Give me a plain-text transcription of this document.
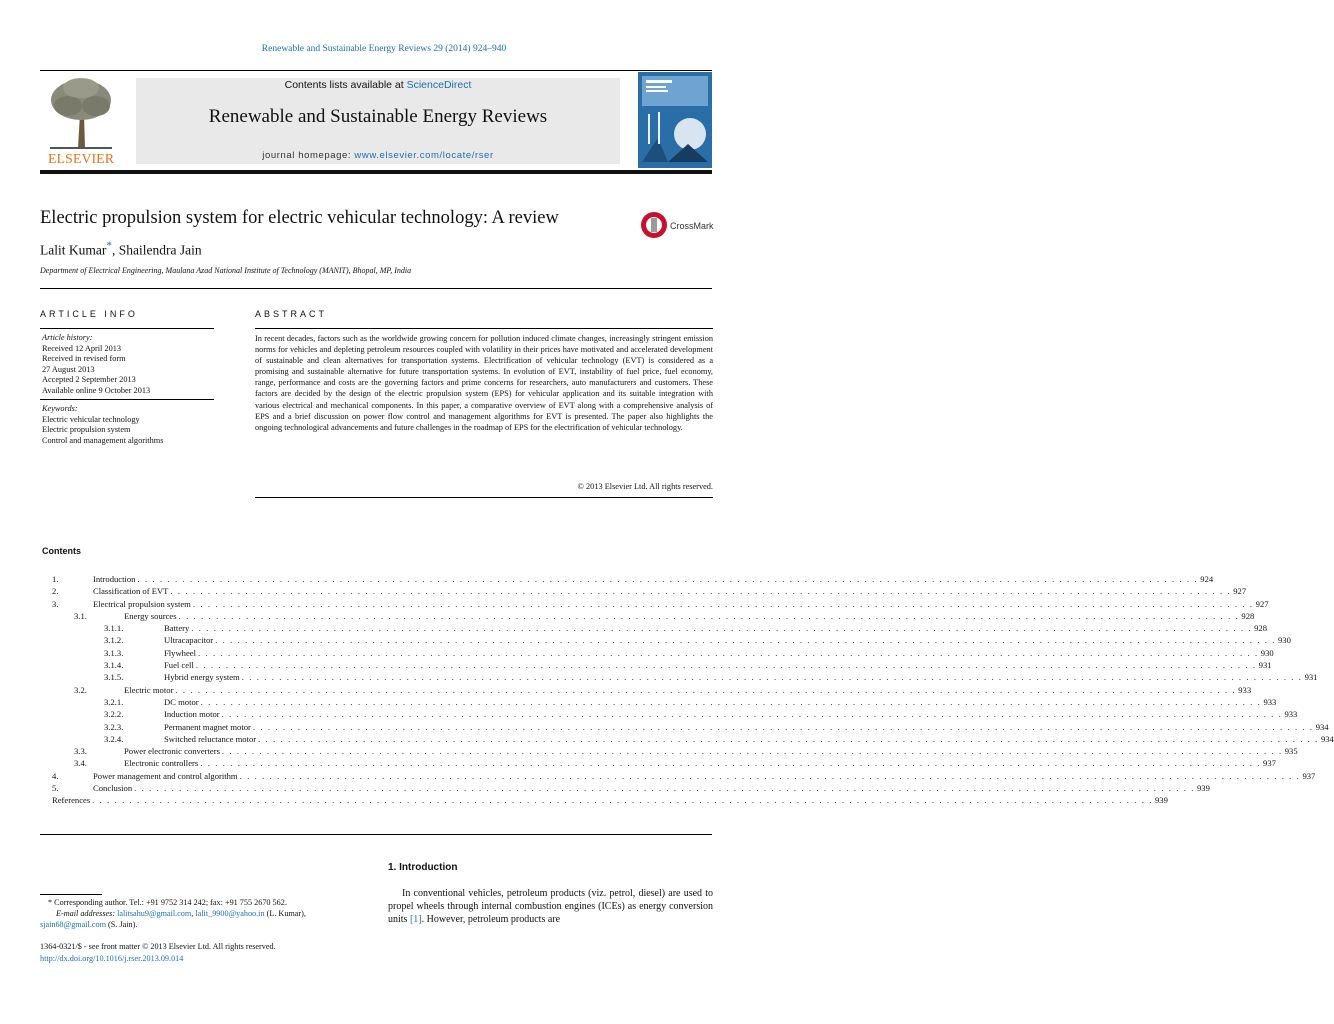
Renewable and Sustainable Energy Reviews 29 (2014) 924–940
ELSEVIER
Contents lists available at ScienceDirect
Renewable and Sustainable Energy Reviews
journal homepage: www.elsevier.com/locate/rser
Electric propulsion system for electric vehicular technology: A review	CrossMark
Lalit Kumar*, Shailendra Jain
Department of Electrical Engineering, Maulana Azad National Institute of Technology (MANIT), Bhopal, MP, India
ARTICLE INFO
Article history:
Received 12 April 2013
Received in revised form
27 August 2013
Accepted 2 September 2013
Available online 9 October 2013
Keywords:
Electric vehicular technology
Electric propulsion system
Control and management algorithms
ABSTRACT
In recent decades, factors such as the worldwide growing concern for pollution induced climate changes, increasingly stringent emission norms for vehicles and depleting petroleum resources coupled with volatility in their prices have motivated and accelerated development of sustainable and clean alternatives for transportation systems. Electrification of vehicular technology (EVT) is considered as a promising and sustainable alternative for future transportation systems. In evolution of EVT, instability of fuel price, fuel economy, range, performance and costs are the governing factors and prime concerns for researchers, auto manufacturers and customers. These factors are decided by the design of the electric propulsion system (EPS) for vehicular application and its suitable integration with various electrical and mechanical components. In this paper, a comparative overview of EVT along with a comprehensive analysis of EPS and a brief discussion on power flow control and management algorithms for EVT is presented. The paper also highlights the ongoing technological advancements and future challenges in the roadmap of EPS for the electrification of vehicular technology.
© 2013 Elsevier Ltd. All rights reserved.
Contents
1.	Introduction . . . . . . . . . . . . . . . . . . . . . . . . . . . . . . . . . . . . . . . . . . . . . . . . . . . . . . . . . . . . . . . . . . . . . . . . . . . . . . . . . . . . . . . . . . . . . . . . . . . . . . . . . . . . . . . . . . . . . . . . . . . . . . . . . . . . . . . . . . . . . . 924
2.	Classification of EVT . . . . . . . . . . . . . . . . . . . . . . . . . . . . . . . . . . . . . . . . . . . . . . . . . . . . . . . . . . . . . . . . . . . . . . . . . . . . . . . . . . . . . . . . . . . . . . . . . . . . . . . . . . . . . . . . . . . . . . . . . . . . . . . . . . . . . . . . . . . . . . 927
3.	Electrical propulsion system . . . . . . . . . . . . . . . . . . . . . . . . . . . . . . . . . . . . . . . . . . . . . . . . . . . . . . . . . . . . . . . . . . . . . . . . . . . . . . . . . . . . . . . . . . . . . . . . . . . . . . . . . . . . . . . . . . . . . . . . . . . . . . . . . . . . . . . . . . . . . . 927
3.1.	Energy sources . . . . . . . . . . . . . . . . . . . . . . . . . . . . . . . . . . . . . . . . . . . . . . . . . . . . . . . . . . . . . . . . . . . . . . . . . . . . . . . . . . . . . . . . . . . . . . . . . . . . . . . . . . . . . . . . . . . . . . . . . . . . . . . . . . . . . . . . . . . . . . 928
3.1.1.	Battery . . . . . . . . . . . . . . . . . . . . . . . . . . . . . . . . . . . . . . . . . . . . . . . . . . . . . . . . . . . . . . . . . . . . . . . . . . . . . . . . . . . . . . . . . . . . . . . . . . . . . . . . . . . . . . . . . . . . . . . . . . . . . . . . . . . . . . . . . . . . . . 928
3.1.2.	Ultracapacitor . . . . . . . . . . . . . . . . . . . . . . . . . . . . . . . . . . . . . . . . . . . . . . . . . . . . . . . . . . . . . . . . . . . . . . . . . . . . . . . . . . . . . . . . . . . . . . . . . . . . . . . . . . . . . . . . . . . . . . . . . . . . . . . . . . . . . . . . . . . . . . 930
3.1.3.	Flywheel . . . . . . . . . . . . . . . . . . . . . . . . . . . . . . . . . . . . . . . . . . . . . . . . . . . . . . . . . . . . . . . . . . . . . . . . . . . . . . . . . . . . . . . . . . . . . . . . . . . . . . . . . . . . . . . . . . . . . . . . . . . . . . . . . . . . . . . . . . . . . . 930
3.1.4.	Fuel cell . . . . . . . . . . . . . . . . . . . . . . . . . . . . . . . . . . . . . . . . . . . . . . . . . . . . . . . . . . . . . . . . . . . . . . . . . . . . . . . . . . . . . . . . . . . . . . . . . . . . . . . . . . . . . . . . . . . . . . . . . . . . . . . . . . . . . . . . . . . . . . 931
3.1.5.	Hybrid energy system . . . . . . . . . . . . . . . . . . . . . . . . . . . . . . . . . . . . . . . . . . . . . . . . . . . . . . . . . . . . . . . . . . . . . . . . . . . . . . . . . . . . . . . . . . . . . . . . . . . . . . . . . . . . . . . . . . . . . . . . . . . . . . . . . . . . . . . . . . . . . . 931
3.2.	Electric motor . . . . . . . . . . . . . . . . . . . . . . . . . . . . . . . . . . . . . . . . . . . . . . . . . . . . . . . . . . . . . . . . . . . . . . . . . . . . . . . . . . . . . . . . . . . . . . . . . . . . . . . . . . . . . . . . . . . . . . . . . . . . . . . . . . . . . . . . . . . . . . 933
3.2.1.	DC motor . . . . . . . . . . . . . . . . . . . . . . . . . . . . . . . . . . . . . . . . . . . . . . . . . . . . . . . . . . . . . . . . . . . . . . . . . . . . . . . . . . . . . . . . . . . . . . . . . . . . . . . . . . . . . . . . . . . . . . . . . . . . . . . . . . . . . . . . . . . . . . 933
3.2.2.	Induction motor . . . . . . . . . . . . . . . . . . . . . . . . . . . . . . . . . . . . . . . . . . . . . . . . . . . . . . . . . . . . . . . . . . . . . . . . . . . . . . . . . . . . . . . . . . . . . . . . . . . . . . . . . . . . . . . . . . . . . . . . . . . . . . . . . . . . . . . . . . . . . . 933
3.2.3.	Permanent magnet motor . . . . . . . . . . . . . . . . . . . . . . . . . . . . . . . . . . . . . . . . . . . . . . . . . . . . . . . . . . . . . . . . . . . . . . . . . . . . . . . . . . . . . . . . . . . . . . . . . . . . . . . . . . . . . . . . . . . . . . . . . . . . . . . . . . . . . . . . . . . . . . 934
3.2.4.	Switched reluctance motor . . . . . . . . . . . . . . . . . . . . . . . . . . . . . . . . . . . . . . . . . . . . . . . . . . . . . . . . . . . . . . . . . . . . . . . . . . . . . . . . . . . . . . . . . . . . . . . . . . . . . . . . . . . . . . . . . . . . . . . . . . . . . . . . . . . . . . . . . . . . . . 934
3.3.	Power electronic converters . . . . . . . . . . . . . . . . . . . . . . . . . . . . . . . . . . . . . . . . . . . . . . . . . . . . . . . . . . . . . . . . . . . . . . . . . . . . . . . . . . . . . . . . . . . . . . . . . . . . . . . . . . . . . . . . . . . . . . . . . . . . . . . . . . . . . . . . . . . . . . 935
3.4.	Electronic controllers . . . . . . . . . . . . . . . . . . . . . . . . . . . . . . . . . . . . . . . . . . . . . . . . . . . . . . . . . . . . . . . . . . . . . . . . . . . . . . . . . . . . . . . . . . . . . . . . . . . . . . . . . . . . . . . . . . . . . . . . . . . . . . . . . . . . . . . . . . . . . . 937
4.	Power management and control algorithm . . . . . . . . . . . . . . . . . . . . . . . . . . . . . . . . . . . . . . . . . . . . . . . . . . . . . . . . . . . . . . . . . . . . . . . . . . . . . . . . . . . . . . . . . . . . . . . . . . . . . . . . . . . . . . . . . . . . . . . . . . . . . . . . . . . . . . . . . . . . . . 937
5.	Conclusion . . . . . . . . . . . . . . . . . . . . . . . . . . . . . . . . . . . . . . . . . . . . . . . . . . . . . . . . . . . . . . . . . . . . . . . . . . . . . . . . . . . . . . . . . . . . . . . . . . . . . . . . . . . . . . . . . . . . . . . . . . . . . . . . . . . . . . . . . . . . . . 939
References . . . . . . . . . . . . . . . . . . . . . . . . . . . . . . . . . . . . . . . . . . . . . . . . . . . . . . . . . . . . . . . . . . . . . . . . . . . . . . . . . . . . . . . . . . . . . . . . . . . . . . . . . . . . . . . . . . . . . . . . . . . . . . . . . . . . . . . . . . . . . . 939
* Corresponding author. Tel.: +91 9752 314 242; fax: +91 755 2670 562.
E-mail addresses: lalitsahu9@gmail.com, lalit_9900@yahoo.in (L. Kumar),
sjain68@gmail.com (S. Jain).
1364-0321/$ - see front matter © 2013 Elsevier Ltd. All rights reserved.
http://dx.doi.org/10.1016/j.rser.2013.09.014
1. Introduction
In conventional vehicles, petroleum products (viz. petrol, diesel) are used to propel wheels through internal combustion engines (ICEs) as energy conversion units [1]. However, petroleum products are
